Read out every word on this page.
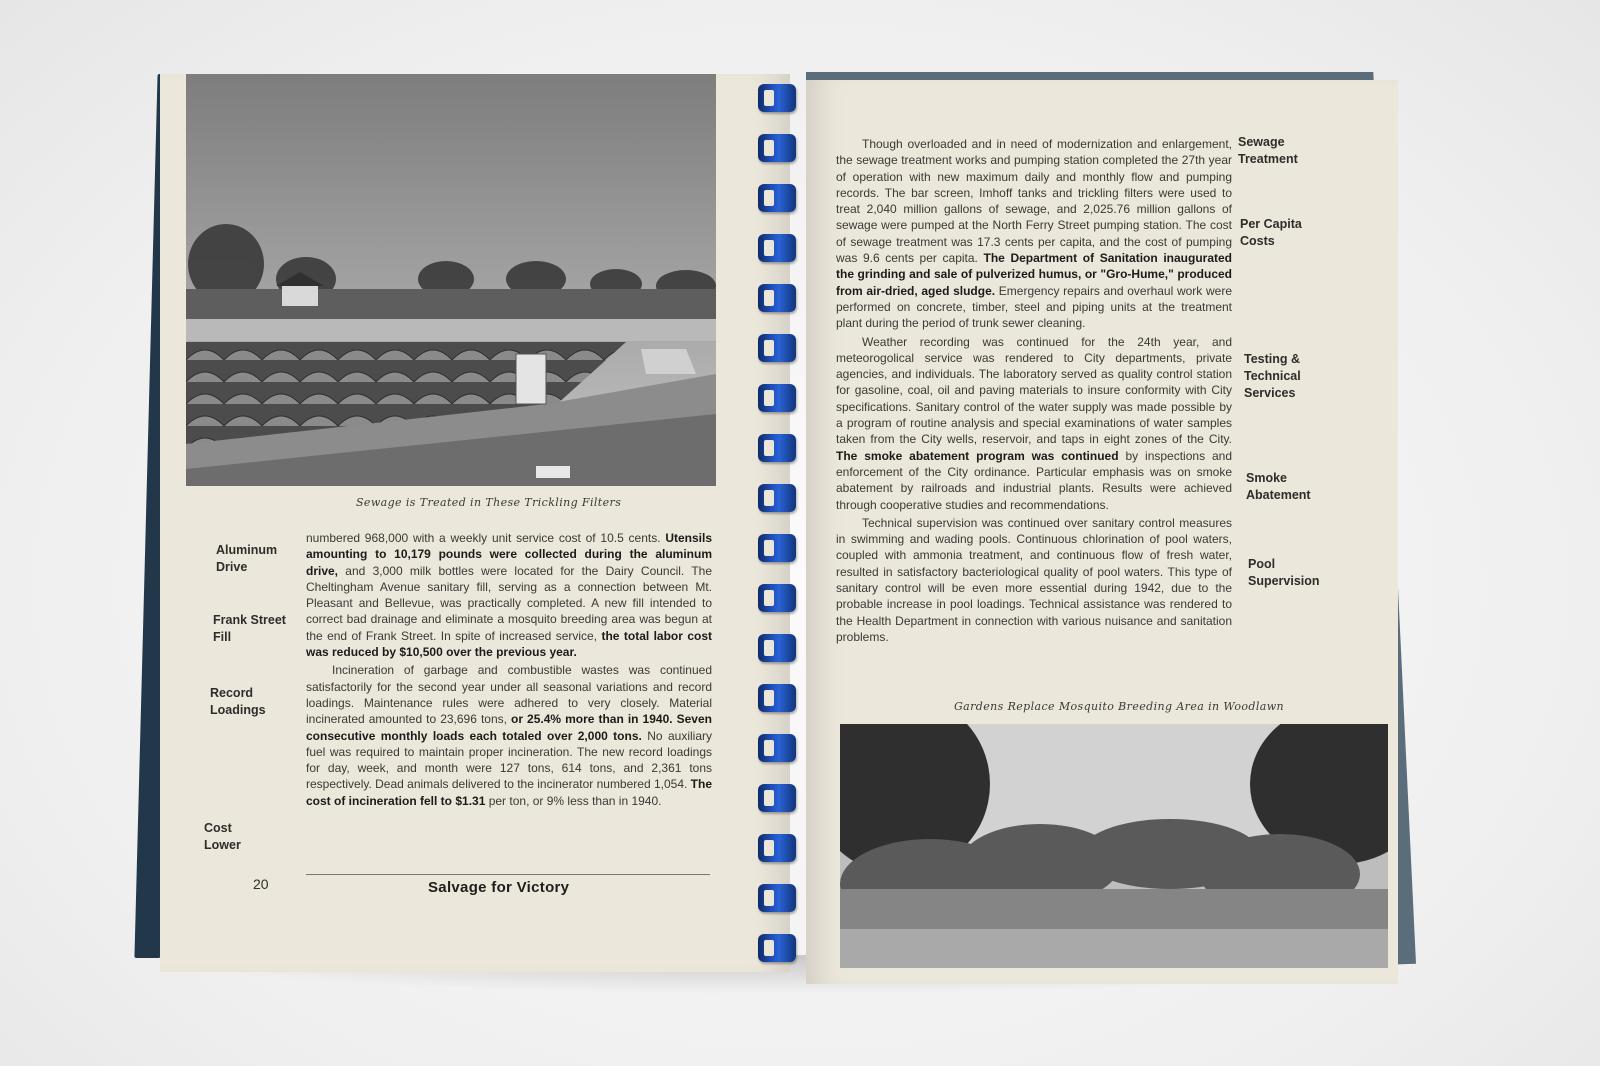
Sewage is Treated in These Trickling Filters
Aluminum Drive
Frank Street Fill
Record Loadings
Cost Lower

numbered 968,000 with a weekly unit service cost of 10.5 cents. Utensils amounting to 10,179 pounds were collected during the aluminum drive, and 3,000 milk bottles were located for the Dairy Council. The Cheltingham Avenue sanitary fill, serving as a connection between Mt. Pleasant and Bellevue, was practically completed. A new fill intended to correct bad drainage and eliminate a mosquito breeding area was begun at the end of Frank Street. In spite of increased service, the total labor cost was reduced by $10,500 over the previous year.

Incineration of garbage and combustible wastes was continued satisfactorily for the second year under all seasonal variations and record loadings. Maintenance rules were adhered to very closely. Material incinerated amounted to 23,696 tons, or 25.4% more than in 1940. Seven consecutive monthly loads each totaled over 2,000 tons. No auxiliary fuel was required to maintain proper incineration. The new record loadings for day, week, and month were 127 tons, 614 tons, and 2,361 tons respectively. Dead animals delivered to the incinerator numbered 1,054. The cost of incineration fell to $1.31 per ton, or 9% less than in 1940.

20	Salvage for Victory

Though overloaded and in need of modernization and enlargement, the sewage treatment works and pumping station completed the 27th year of operation with new maximum daily and monthly flow and pumping records. The bar screen, Imhoff tanks and trickling filters were used to treat 2,040 million gallons of sewage, and 2,025.76 million gallons of sewage were pumped at the North Ferry Street pumping station. The cost of sewage treatment was 17.3 cents per capita, and the cost of pumping was 9.6 cents per capita. The Department of Sanitation inaugurated the grinding and sale of pulverized humus, or "Gro-Hume," produced from air-dried, aged sludge. Emergency repairs and overhaul work were performed on concrete, timber, steel and piping units at the treatment plant during the period of trunk sewer cleaning.

Weather recording was continued for the 24th year, and meteorogolical service was rendered to City departments, private agencies, and individuals. The laboratory served as quality control station for gasoline, coal, oil and paving materials to insure conformity with City specifications. Sanitary control of the water supply was made possible by a program of routine analysis and special examinations of water samples taken from the City wells, reservoir, and taps in eight zones of the City. The smoke abatement program was continued by inspections and enforcement of the City ordinance. Particular emphasis was on smoke abatement by railroads and industrial plants. Results were achieved through cooperative studies and recommendations.

Technical supervision was continued over sanitary control measures in swimming and wading pools. Continuous chlorination of pool waters, coupled with ammonia treatment, and continuous flow of fresh water, resulted in satisfactory bacteriological quality of pool waters. This type of sanitary control will be even more essential during 1942, due to the probable increase in pool loadings. Technical assistance was rendered to the Health Department in connection with various nuisance and sanitation problems.

Sewage Treatment
Per Capita Costs
Testing & Technical Services
Smoke Abatement
Pool Supervision
Gardens Replace Mosquito Breeding Area in Woodlawn
